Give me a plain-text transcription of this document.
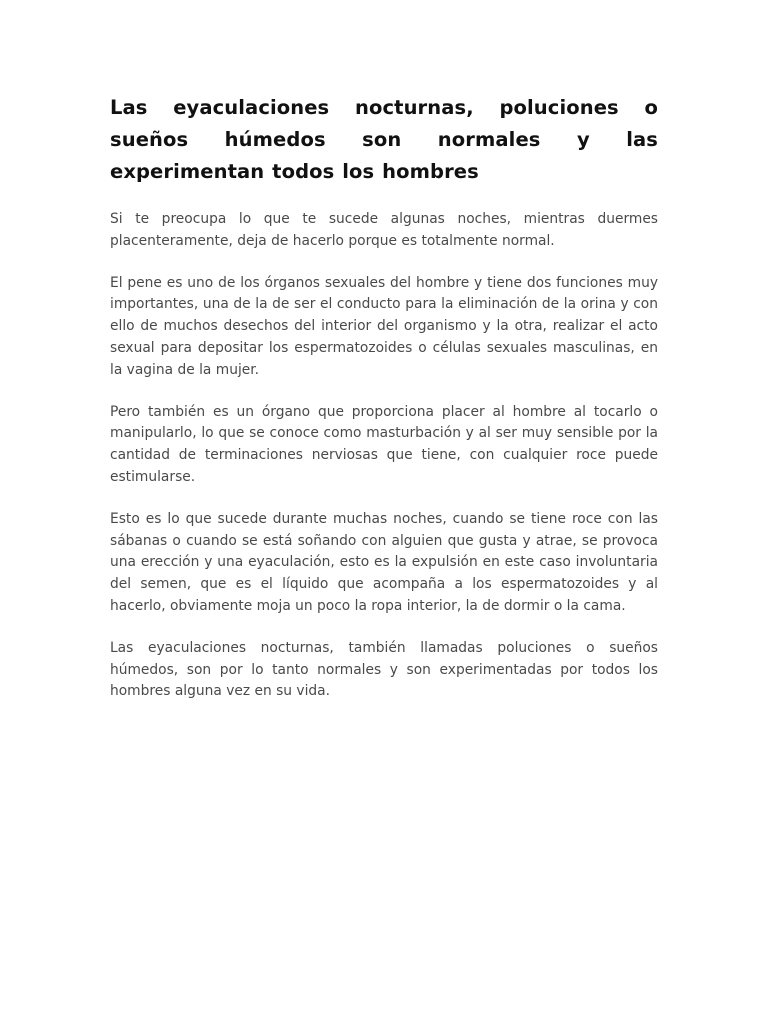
Las eyaculaciones nocturnas, poluciones o sueños húmedos son normales y las experimentan todos los hombres

Si te preocupa lo que te sucede algunas noches, mientras duermes placenteramente, deja de hacerlo porque es totalmente normal.

El pene es uno de los órganos sexuales del hombre y tiene dos funciones muy importantes, una de la de ser el conducto para la eliminación de la orina y con ello de muchos desechos del interior del organismo y la otra, realizar el acto sexual para depositar los espermatozoides o células sexuales masculinas, en la vagina de la mujer.

Pero también es un órgano que proporciona placer al hombre al tocarlo o manipularlo, lo que se conoce como masturbación y al ser muy sensible por la cantidad de terminaciones nerviosas que tiene, con cualquier roce puede estimularse.

Esto es lo que sucede durante muchas noches, cuando se tiene roce con las sábanas o cuando se está soñando con alguien que gusta y atrae, se provoca una erección y una eyaculación, esto es la expulsión en este caso involuntaria del semen, que es el líquido que acompaña a los espermatozoides y al hacerlo, obviamente moja un poco la ropa interior, la de dormir o la cama.

Las eyaculaciones nocturnas, también llamadas poluciones o sueños húmedos, son por lo tanto normales y son experimentadas por todos los hombres alguna vez en su vida.
